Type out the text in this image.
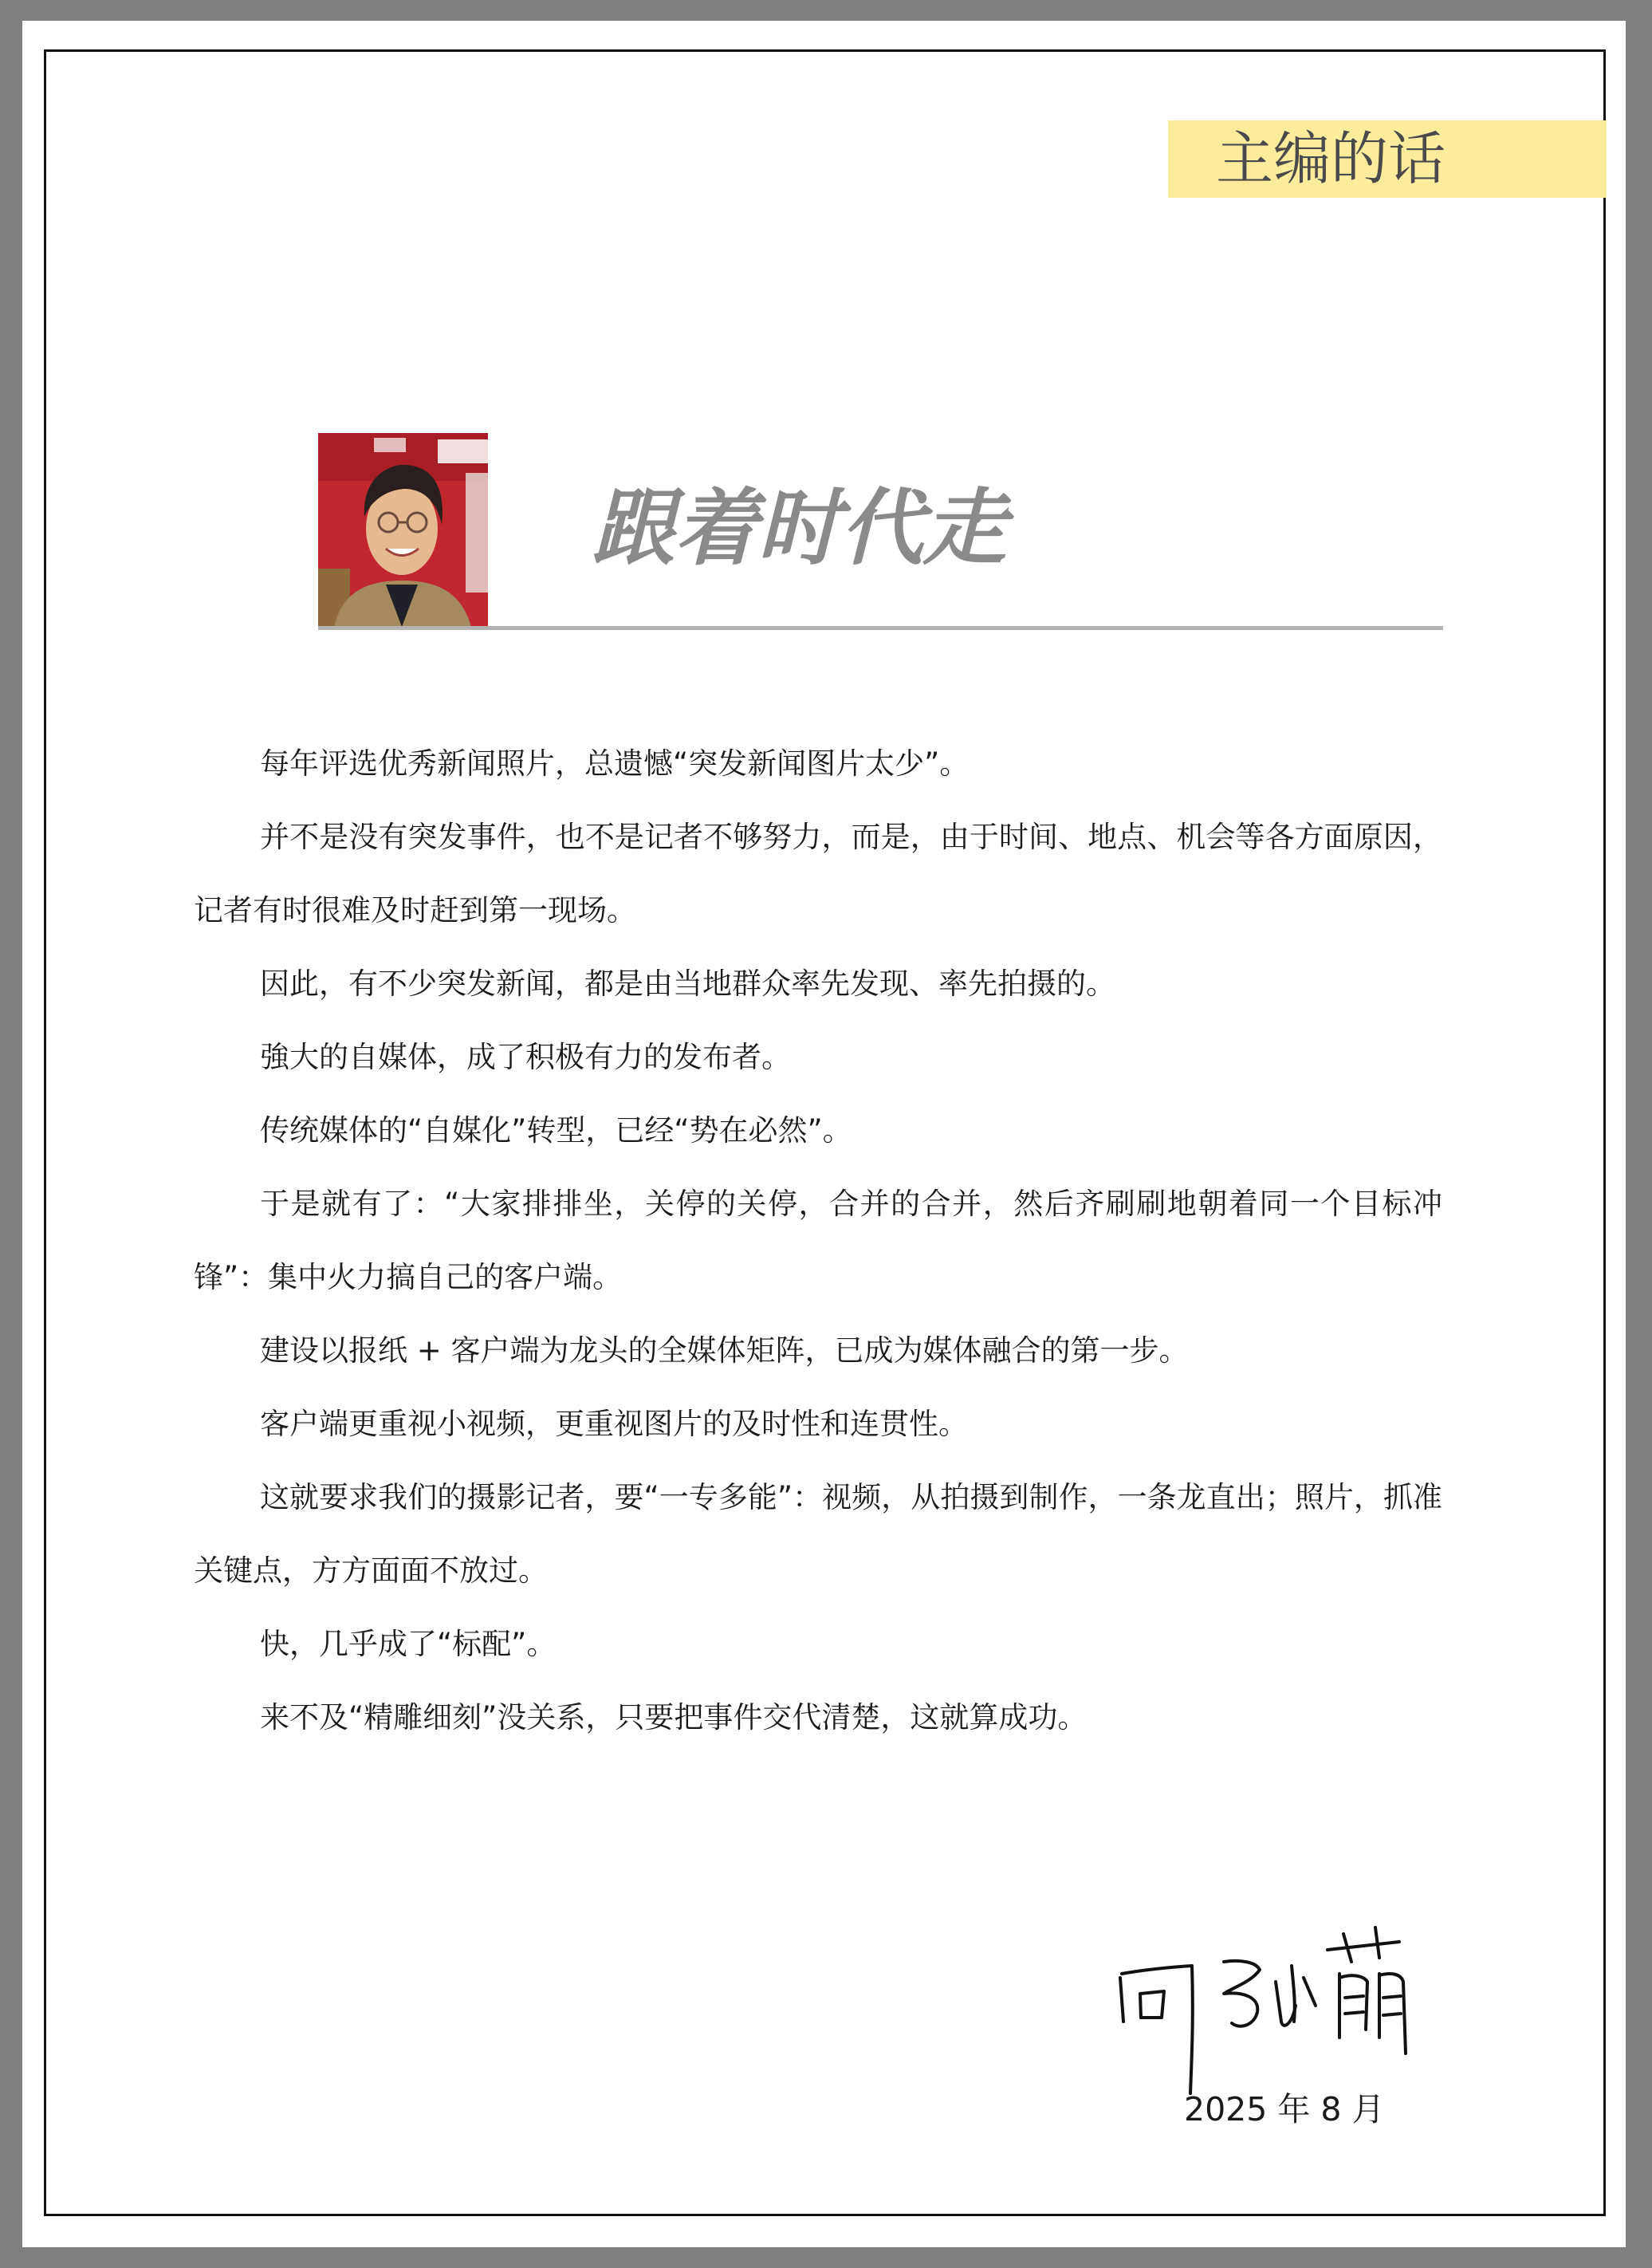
主编的话
跟着时代走

每年评选优秀新闻照片，总遗憾“突发新闻图片太少”。

并不是没有突发事件，也不是记者不够努力，而是，由于时间、地点、机会等各方面原因，记者有时很难及时赶到第一现场。

因此，有不少突发新闻，都是由当地群众率先发现、率先拍摄的。

強大的自媒体，成了积极有力的发布者。

传统媒体的“自媒化”转型，已经“势在必然”。

于是就有了：“大家排排坐，关停的关停，合并的合并，然后齐刷刷地朝着同一个目标冲锋”：集中火力搞自己的客户端。

建设以报纸 + 客户端为龙头的全媒体矩阵，已成为媒体融合的第一步。

客户端更重视小视频，更重视图片的及时性和连贯性。

这就要求我们的摄影记者，要“一专多能”：视频，从拍摄到制作，一条龙直出；照片，抓准关键点，方方面面不放过。

快，几乎成了“标配”。

来不及“精雕细刻”没关系，只要把事件交代清楚，这就算成功。

2025 年 8 月
